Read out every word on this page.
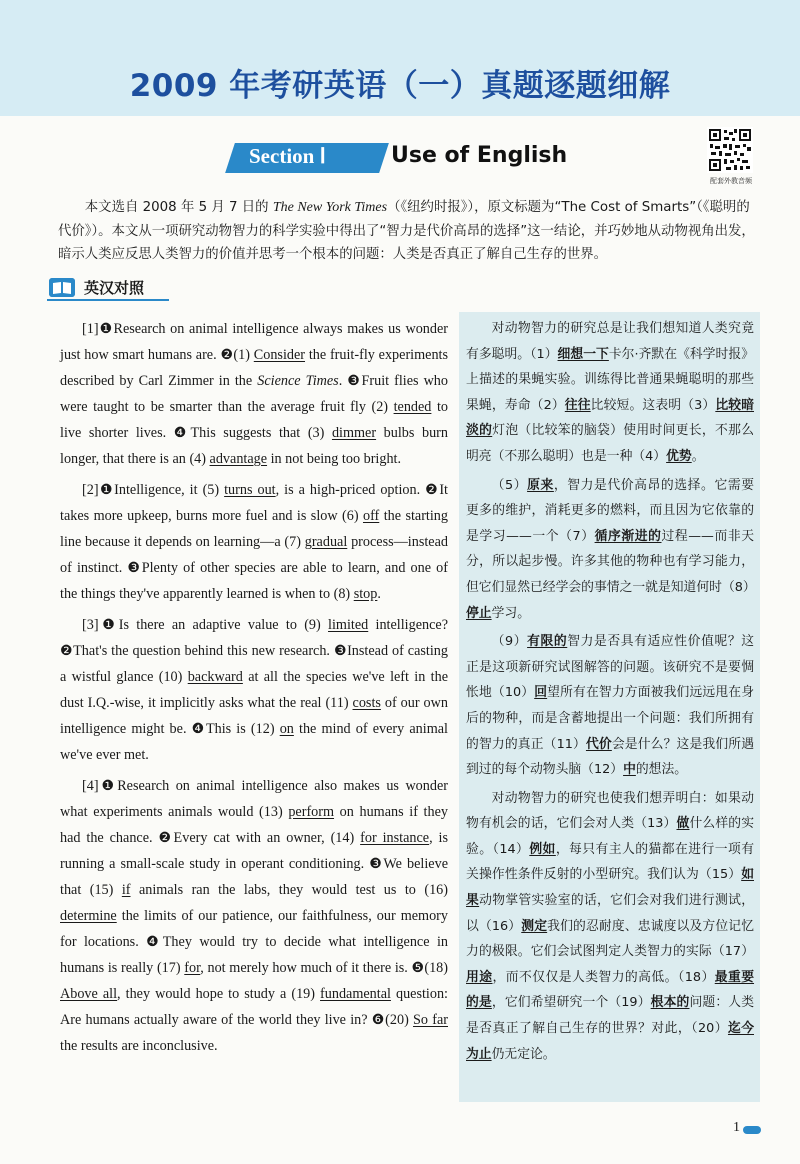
2009 年考研英语（一）真题逐题细解
Section Ⅰ	Use of English
配套外教音频
本文选自 2008 年 5 月 7 日的 The New York Times（《纽约时报》），原文标题为“The Cost of Smarts”（《聪明的代价》）。本文从一项研究动物智力的科学实验中得出了“智力是代价高昂的选择”这一结论，并巧妙地从动物视角出发，暗示人类应反思人类智力的价值并思考一个根本的问题：人类是否真正了解自己生存的世界。
英汉对照

[1]❶Research on animal intelligence always makes us wonder just how smart humans are. ❷(1) Consider the fruit-fly experiments described by Carl Zimmer in the Science Times. ❸Fruit flies who were taught to be smarter than the average fruit fly (2) tended to live shorter lives. ❹This suggests that (3) dimmer bulbs burn longer, that there is an (4) advantage in not being too bright.

[2]❶Intelligence, it (5) turns out, is a high-priced option. ❷It takes more upkeep, burns more fuel and is slow (6) off the starting line because it depends on learning—a (7) gradual process—instead of instinct. ❸Plenty of other species are able to learn, and one of the things they've apparently learned is when to (8) stop.

[3]❶Is there an adaptive value to (9) limited intelligence? ❷That's the question behind this new research. ❸Instead of casting a wistful glance (10) backward at all the species we've left in the dust I.Q.-wise, it implicitly asks what the real (11) costs of our own intelligence might be. ❹This is (12) on the mind of every animal we've ever met.

[4]❶Research on animal intelligence also makes us wonder what experiments animals would (13) perform on humans if they had the chance. ❷Every cat with an owner, (14) for instance, is running a small-scale study in operant conditioning. ❸We believe that (15) if animals ran the labs, they would test us to (16) determine the limits of our patience, our faithfulness, our memory for locations. ❹They would try to decide what intelligence in humans is really (17) for, not merely how much of it there is. ❺(18) Above all, they would hope to study a (19) fundamental question: Are humans actually aware of the world they live in? ❻(20) So far the results are inconclusive.

对动物智力的研究总是让我们想知道人类究竟有多聪明。（1）细想一下卡尔·齐默在《科学时报》上描述的果蝇实验。训练得比普通果蝇聪明的那些果蝇，寿命（2）往往比较短。这表明（3）比较暗淡的灯泡（比较笨的脑袋）使用时间更长，不那么明亮（不那么聪明）也是一种（4）优势。

（5）原来，智力是代价高昂的选择。它需要更多的维护，消耗更多的燃料，而且因为它依靠的是学习——一个（7）循序渐进的过程——而非天分，所以起步慢。许多其他的物种也有学习能力，但它们显然已经学会的事情之一就是知道何时（8）停止学习。

（9）有限的智力是否具有适应性价值呢？这正是这项新研究试图解答的问题。该研究不是要惆怅地（10）回望所有在智力方面被我们远远甩在身后的物种，而是含蓄地提出一个问题：我们所拥有的智力的真正（11）代价会是什么？这是我们所遇到过的每个动物头脑（12）中的想法。

对动物智力的研究也使我们想弄明白：如果动物有机会的话，它们会对人类（13）做什么样的实验。（14）例如，每只有主人的猫都在进行一项有关操作性条件反射的小型研究。我们认为（15）如果动物掌管实验室的话，它们会对我们进行测试，以（16）测定我们的忍耐度、忠诚度以及方位记忆力的极限。它们会试图判定人类智力的实际（17）用途，而不仅仅是人类智力的高低。（18）最重要的是，它们希望研究一个（19）根本的问题：人类是否真正了解自己生存的世界？对此，（20）迄今为止仍无定论。

1
